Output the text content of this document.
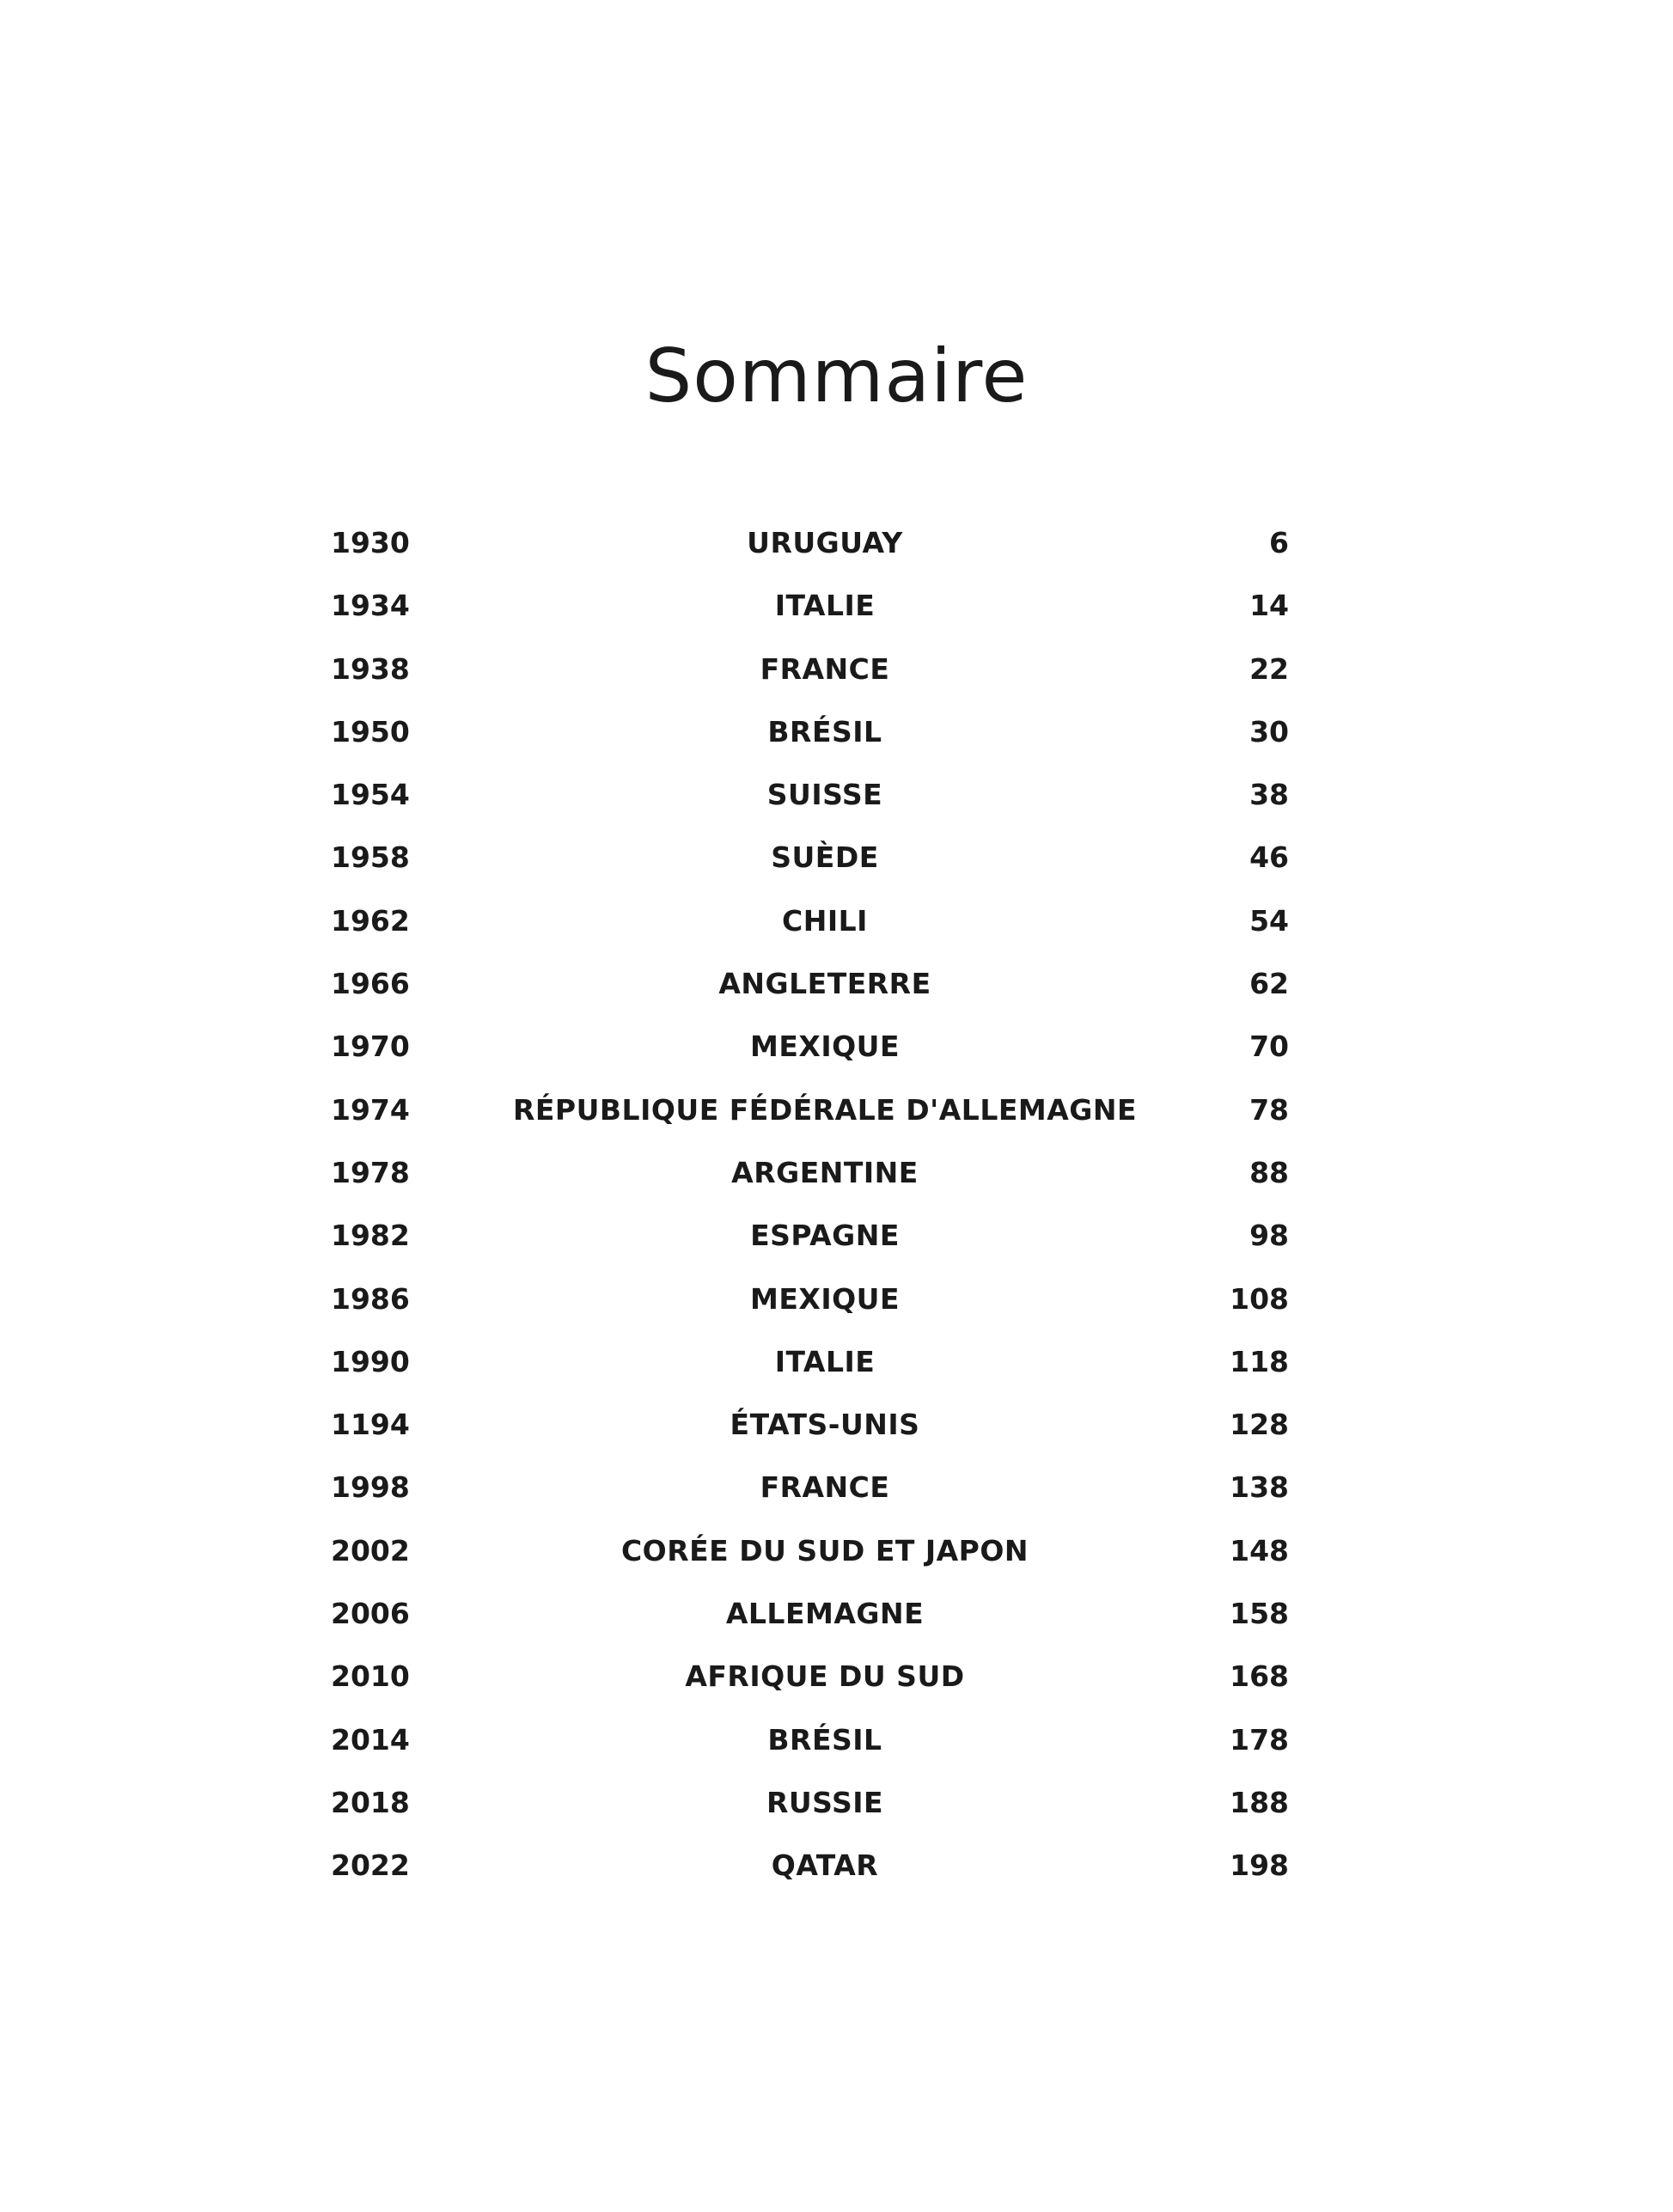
Sommaire
1930	URUGUAY	6
1934	ITALIE	14
1938	FRANCE	22
1950	BRÉSIL	30
1954	SUISSE	38
1958	SUÈDE	46
1962	CHILI	54
1966	ANGLETERRE	62
1970	MEXIQUE	70
1974	RÉPUBLIQUE FÉDÉRALE D'ALLEMAGNE	78
1978	ARGENTINE	88
1982	ESPAGNE	98
1986	MEXIQUE	108
1990	ITALIE	118
1194	ÉTATS-UNIS	128
1998	FRANCE	138
2002	CORÉE DU SUD ET JAPON	148
2006	ALLEMAGNE	158
2010	AFRIQUE DU SUD	168
2014	BRÉSIL	178
2018	RUSSIE	188
2022	QATAR	198
